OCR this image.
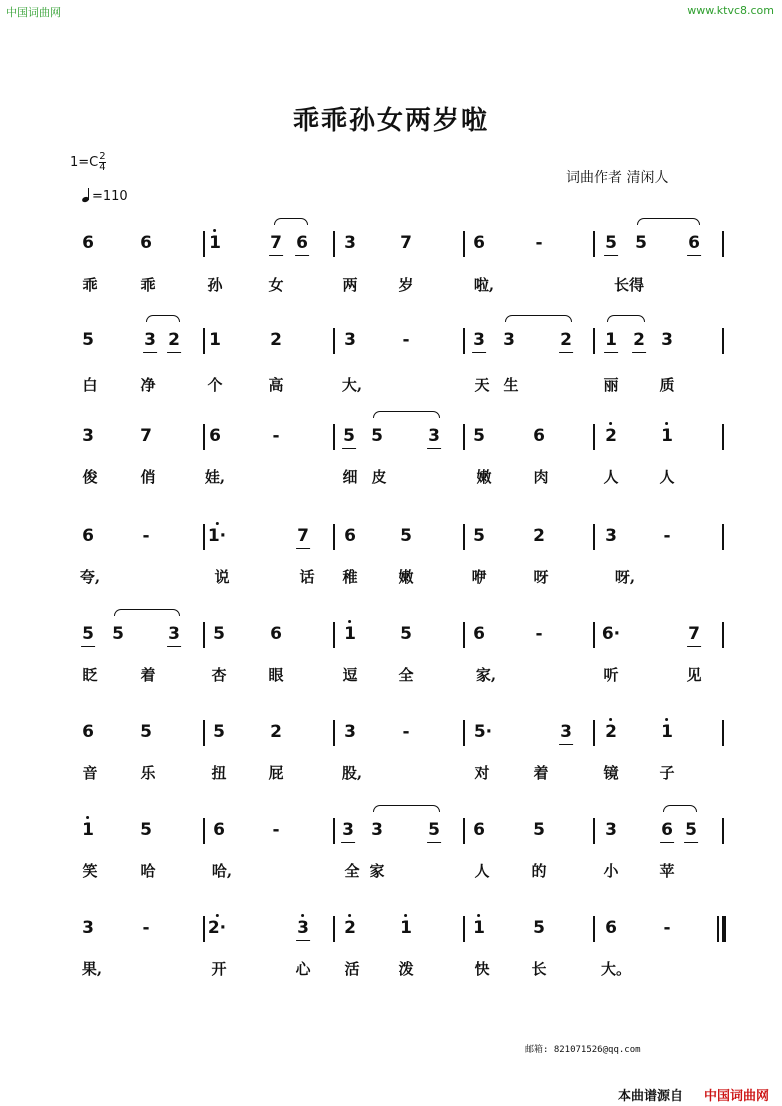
中国词曲网	www.ktvc8.com
乖乖孙女两岁啦
$1=C \frac{2}{4}$
=110
词曲作者 清闲人
6	6	1	7 6 3	7	6	-	5 5 6
乖	乖	孙	女	两	岁	啦,	长得
5	3 2 1	2	3	-	3 3	2 1 2 3
白	净	个	高	大,	天 生	丽	质
3	7	6	-	5 5	3 5	6	2	1
俊	俏	娃,	细 皮	嫩	肉	人	人
6	-	1·	7 6	5	5	2	3	-
夸,	说	话 稚	嫩	咿	呀	呀,
5 5	3 5	6	1	5	6	-	6·	7
眨	着	杏	眼	逗	全	家,	听	见
6	5	5	2	3	-	5·	3 2	1
音	乐	扭	屁	股,	对	着	镜	子
1	5	6	-	3 3	5 6	5	3	6 5
笑	哈	哈,	全 家	人	的	小	苹
3	-	2·	3 2	1	1	5	6	-
果,	开	心 活	泼	快	长	大。
邮箱: 821071526@qq.com
本曲谱源自 中国词曲网
